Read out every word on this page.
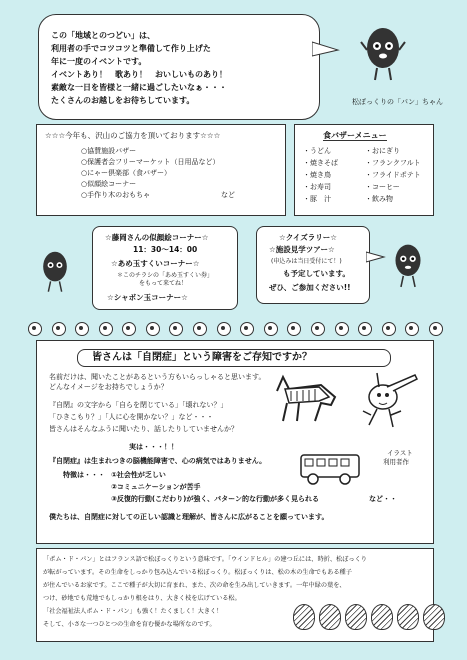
この「地域とのつどい」は、
利用者の手でコツコツと準備して作り上げた
年に一度のイベントです。
イベントあり！　歌あり！　おいしいものあり！
素敵な一日を皆様と一緒に過ごしたいなぁ・・・
たくさんのお越しをお待ちしています。	松ぼっくりの「パン」ちゃん
☆☆☆今年も、沢山のご協力を頂いております☆☆☆
○協賛施設バザー
○保護者会フリーマーケット（日用品など）
○にゃー倶楽部（食バザー）
○似顔絵コーナー
○手作り木のおもちゃ	など
食バザーメニュー
・うどん
・焼きそば
・焼き鳥
・お寿司
・豚　汁
・おにぎり
・フランクフルト
・フライドポテト
・コーヒー
・飲み物
☆藤岡さんの似顔絵コーナー☆
11：30～14：00
☆あめ玉すくいコーナー☆
＊このチラシの「あめ玉すくい券」
をもって来てね！
☆シャボン玉コーナー☆
☆クイズラリー☆
☆施設見学ツアー☆
(申込みは当日受付にて！)
も予定しています。
ぜひ、ご参加ください!!
皆さんは「自閉症」という障害をご存知ですか？
名前だけは、聞いたことがあるという方もいらっしゃると思います。
どんなイメージをお持ちでしょうか？
『自閉』の文字から「自らを閉じている」「壊れない？」
「ひきこもり？」「人に心を開かない？」など・・・
皆さんはそんなふうに聞いたり、話したりしていませんか？
実は・・・！！
『自閉症』は生まれつきの脳機能障害で、心の病気ではありません。
特徴は・・・ ①社会性が乏しい
②コミュニケーションが苦手
③反復的行動(こだわり)が強く、パターン的な行動が多く見られる	など・・
僕たちは、自閉症に対しての正しい認識と理解が、皆さんに広がることを願っています。
イラスト
利用者作
「ポム・ド・パン」とはフランス語で松ぼっくりという意味です。「ウインドヒル」の建つ丘には、時折、松ぼっくり
が転がっています。その生命をしっかり包み込んでいる松ぼっくり。松ぼっくりは、松の木の生命でもある種子
が住んでいるお家です。ここで種子が大切に育まれ、また、次の命を生み出していきます。一年中緑の葉を、
つけ、砂地でも荒地でもしっかり根をはり、大きく枝を広げている松。
「社会福祉法人ポム・ド・パン」も強く！たくましく！大きく！
そして、小さな一つひとつの生命を育む優かな場所なのです。
